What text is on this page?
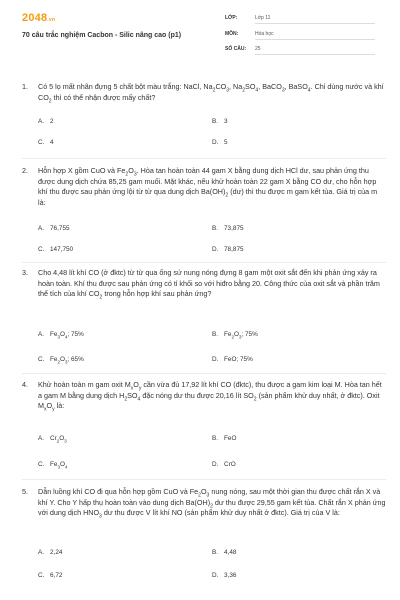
2048.vn
70 câu trắc nghiệm Cacbon - Silic nâng cao (p1)
LỚP:	Lớp 11
MÔN:	Hóa học
SỐ CÂU: 25
1. Có 5 lọ mất nhãn đựng 5 chất bột màu trắng: NaCl, $Na_2CO_3$, $Na_2SO_4$, BaCO$_3$, BaSO$_4$. Chỉ dùng nước và khí $CO_2$ thì có thể nhận được mấy chất?
A. 2	B. 3
C. 4	D. 5
2. Hỗn hợp X gồm CuO và $Fe_2O_3$. Hòa tan hoàn toàn 44 gam X bằng dung dịch HCl dư, sau phản ứng thu được dung dịch chứa 85,25 gam muối. Mặt khác, nếu khử hoàn toàn 22 gam X bằng CO dư, cho hỗn hợp khí thu được sau phản ứng lội từ từ qua dung dịch $Ba(OH)_2$ (dư) thì thu được m gam kết tủa. Giá trị của m là:
A. 76,755	B. 73,875
C. 147,750	D. 78,875
3. Cho 4,48 lít khí CO (ở đktc) từ từ qua ống sứ nung nóng đựng 8 gam một oxit sắt đến khi phản ứng xảy ra hoàn toàn. Khí thu được sau phản ứng có tỉ khối so với hiđro bằng 20. Công thức của oxit sắt và phần trăm thể tích của khí $CO_2$ trong hỗn hợp khí sau phản ứng?
A. $Fe_3O_4$; 75%	B. $Fe_2O_3$; 75%
C. $Fe_2O_3$; 65%	D. FeO; 75%
4. Khử hoàn toàn m gam oxit $M_xO_y$ cần vừa đủ 17,92 lít khí CO (đktc), thu được a gam kim loại M. Hòa tan hết a gam M bằng dung dịch $H_2SO_4$ đặc nóng dư thu được 20,16 lít $SO_2$ (sản phẩm khử duy nhất, ở đktc). Oxit $M_xO_y$ là:
A. $Cr_2O_3$	B. FeO
C. $Fe_3O_4$	D. CrO
5. Dẫn luồng khí CO đi qua hỗn hợp gồm CuO và $Fe_2O_3$ nung nóng, sau một thời gian thu được chất rắn X và khí Y. Cho Y hấp thụ hoàn toàn vào dung dịch $Ba(OH)_2$ dư thu được 29,55 gam kết tủa. Chất rắn X phản ứng với dung dịch $HNO_3$ dư thu được V lít khí NO (sản phẩm khử duy nhất ở đktc). Giá trị của V là:
A. 2,24	B. 4,48
C. 6,72	D. 3,36
